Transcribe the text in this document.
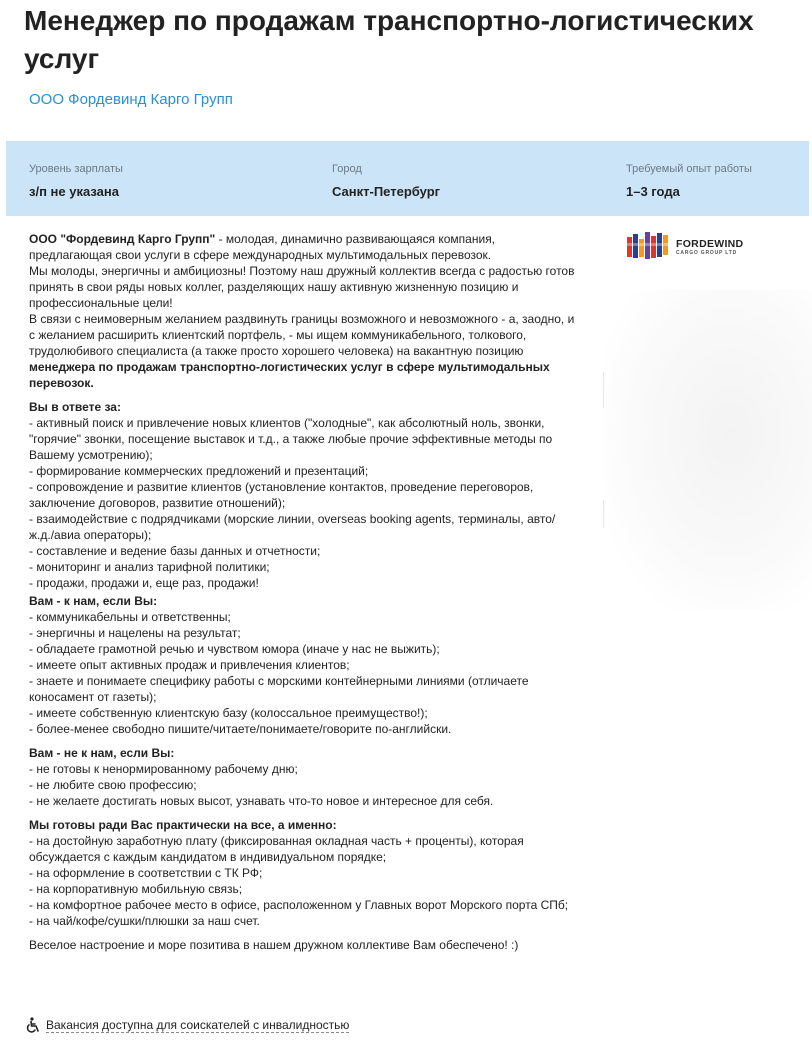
Менеджер по продажам транспортно-логистических услуг
ООО Фордевинд Карго Групп
Уровень зарплаты
з/п не указана
Город
Санкт-Петербург
Требуемый опыт работы
1–3 года

ООО "Фордевинд Карго Групп" - молодая, динамично развивающаяся компания, предлагающая свои услуги в сфере международных мультимодальных перевозок.

Мы молоды, энергичны и амбициозны! Поэтому наш дружный коллектив всегда с радостью готов принять в свои ряды новых коллег, разделяющих нашу активную жизненную позицию и профессиональные цели!

В связи с неимоверным желанием раздвинуть границы возможного и невозможного - а, заодно, и с желанием расширить клиентский портфель, - мы ищем коммуникабельного, толкового, трудолюбивого специалиста (а также просто хорошего человека) на вакантную позицию менеджера по продажам транспортно-логистических услуг в сфере мультимодальных перевозок.

Вы в ответе за:
- активный поиск и привлечение новых клиентов ("холодные", как абсолютный ноль, звонки, "горячие" звонки, посещение выставок и т.д., а также любые прочие эффективные методы по Вашему усмотрению);
- формирование коммерческих предложений и презентаций;
- сопровождение и развитие клиентов (установление контактов, проведение переговоров, заключение договоров, развитие отношений);
- взаимодействие с подрядчиками (морские линии, overseas booking agents, терминалы, авто/ж.д./авиа операторы);
- составление и ведение базы данных и отчетности;
- мониторинг и анализ тарифной политики;
- продажи, продажи и, еще раз, продажи!

Вам - к нам, если Вы:
- коммуникабельны и ответственны;
- энергичны и нацелены на результат;
- обладаете грамотной речью и чувством юмора (иначе у нас не выжить);
- имеете опыт активных продаж и привлечения клиентов;
- знаете и понимаете специфику работы с морскими контейнерными линиями (отличаете коносамент от газеты);
- имеете собственную клиентскую базу (колоссальное преимущество!);
- более-менее свободно пишите/читаете/понимаете/говорите по-английски.

Вам - не к нам, если Вы:
- не готовы к ненормированному рабочему дню;
- не любите свою профессию;
- не желаете достигать новых высот, узнавать что-то новое и интересное для себя.

Мы готовы ради Вас практически на все, а именно:
- на достойную заработную плату (фиксированная окладная часть + проценты), которая обсуждается с каждым кандидатом в индивидуальном порядке;
- на оформление в соответствии с ТК РФ;
- на корпоративную мобильную связь;
- на комфортное рабочее место в офисе, расположенном у Главных ворот Морского порта СПб;
- на чай/кофе/сушки/плюшки за наш счет.

Веселое настроение и море позитива в нашем дружном коллективе Вам обеспечено! :)

FORDEWIND
CARGO GROUP LTD
Вакансия доступна для соискателей с инвалидностью
